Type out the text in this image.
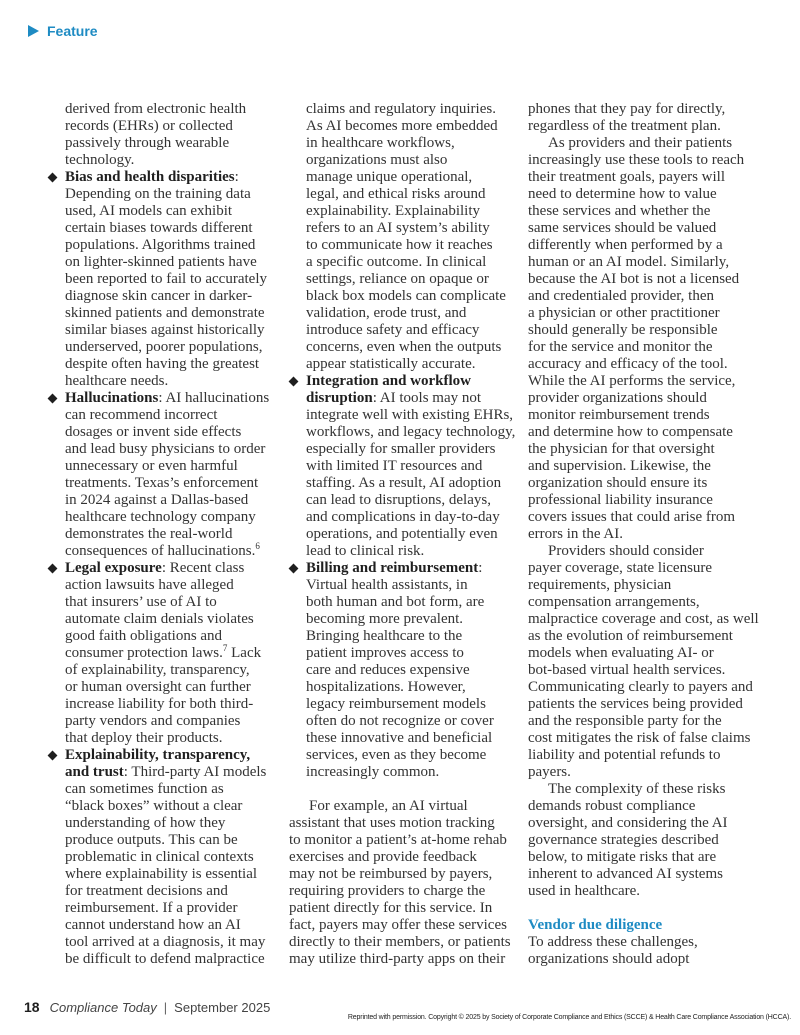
Feature
derived from electronic health
records (EHRs) or collected
passively through wearable
technology.
Bias and health disparities:
Depending on the training data
used, AI models can exhibit
certain biases towards different
populations. Algorithms trained
on lighter-skinned patients have
been reported to fail to accurately
diagnose skin cancer in darker-
skinned patients and demonstrate
similar biases against historically
underserved, poorer populations,
despite often having the greatest
healthcare needs.
Hallucinations: AI hallucinations
can recommend incorrect
dosages or invent side effects
and lead busy physicians to order
unnecessary or even harmful
treatments. Texas’s enforcement
in 2024 against a Dallas-based
healthcare technology company
demonstrates the real-world
consequences of hallucinations.$^6$
Legal exposure: Recent class
action lawsuits have alleged
that insurers’ use of AI to
automate claim denials violates
good faith obligations and
consumer protection laws.$^7$ Lack
of explainability, transparency,
or human oversight can further
increase liability for both third-
party vendors and companies
that deploy their products.
Explainability, transparency,
and trust: Third-party AI models
can sometimes function as
“black boxes” without a clear
understanding of how they
produce outputs. This can be
problematic in clinical contexts
where explainability is essential
for treatment decisions and
reimbursement. If a provider
cannot understand how an AI
tool arrived at a diagnosis, it may
be difficult to defend malpractice
claims and regulatory inquiries.
As AI becomes more embedded
in healthcare workflows,
organizations must also
manage unique operational,
legal, and ethical risks around
explainability. Explainability
refers to an AI system’s ability
to communicate how it reaches
a specific outcome. In clinical
settings, reliance on opaque or
black box models can complicate
validation, erode trust, and
introduce safety and efficacy
concerns, even when the outputs
appear statistically accurate.
Integration and workflow
disruption: AI tools may not
integrate well with existing EHRs,
workflows, and legacy technology,
especially for smaller providers
with limited IT resources and
staffing. As a result, AI adoption
can lead to disruptions, delays,
and complications in day-to-day
operations, and potentially even
lead to clinical risk.
Billing and reimbursement:
Virtual health assistants, in
both human and bot form, are
becoming more prevalent.
Bringing healthcare to the
patient improves access to
care and reduces expensive
hospitalizations. However,
legacy reimbursement models
often do not recognize or cover
these innovative and beneficial
services, even as they become
increasingly common.
For example, an AI virtual
assistant that uses motion tracking
to monitor a patient’s at-home rehab
exercises and provide feedback
may not be reimbursed by payers,
requiring providers to charge the
patient directly for this service. In
fact, payers may offer these services
directly to their members, or patients
may utilize third-party apps on their
phones that they pay for directly,
regardless of the treatment plan.
As providers and their patients
increasingly use these tools to reach
their treatment goals, payers will
need to determine how to value
these services and whether the
same services should be valued
differently when performed by a
human or an AI model. Similarly,
because the AI bot is not a licensed
and credentialed provider, then
a physician or other practitioner
should generally be responsible
for the service and monitor the
accuracy and efficacy of the tool.
While the AI performs the service,
provider organizations should
monitor reimbursement trends
and determine how to compensate
the physician for that oversight
and supervision. Likewise, the
organization should ensure its
professional liability insurance
covers issues that could arise from
errors in the AI.
Providers should consider
payer coverage, state licensure
requirements, physician
compensation arrangements,
malpractice coverage and cost, as well
as the evolution of reimbursement
models when evaluating AI- or
bot-based virtual health services.
Communicating clearly to payers and
patients the services being provided
and the responsible party for the
cost mitigates the risk of false claims
liability and potential refunds to
payers.
The complexity of these risks
demands robust compliance
oversight, and considering the AI
governance strategies described
below, to mitigate risks that are
inherent to advanced AI systems
used in healthcare.
Vendor due diligence
To address these challenges,
organizations should adopt
18 Compliance Today | September 2025
Reprinted with permission. Copyright © 2025 by Society of Corporate Compliance and Ethics (SCCE) & Health Care Compliance Association (HCCA).
